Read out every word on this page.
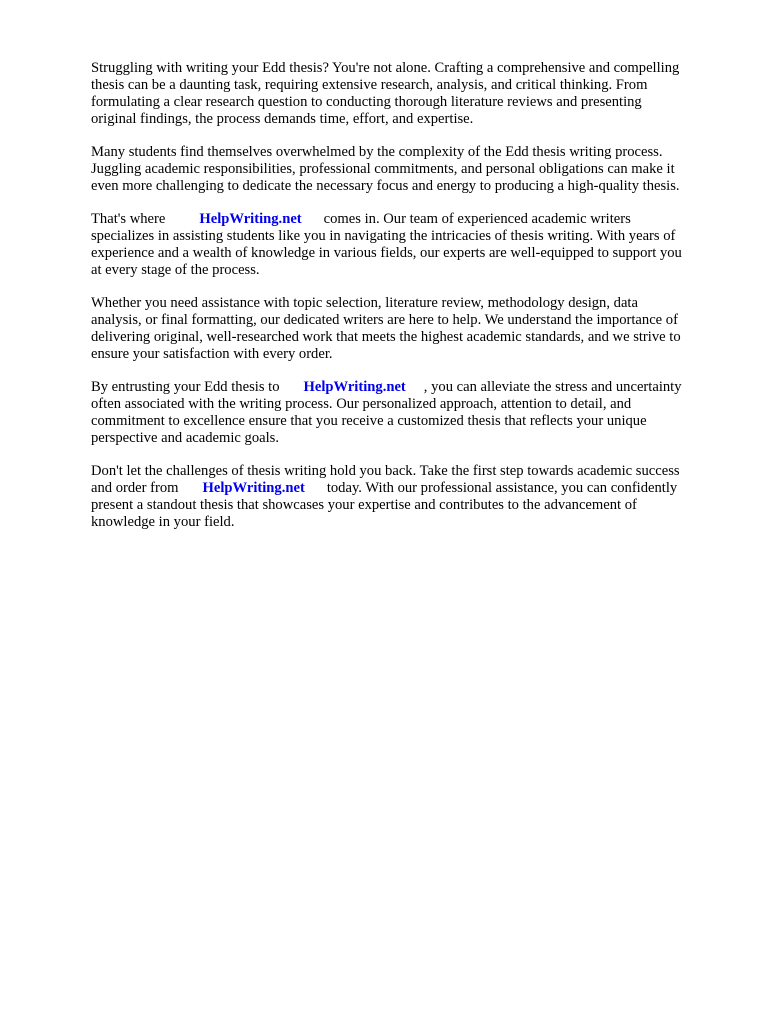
Struggling with writing your Edd thesis? You're not alone. Crafting a comprehensive and compelling
thesis can be a daunting task, requiring extensive research, analysis, and critical thinking. From
formulating a clear research question to conducting thorough literature reviews and presenting
original findings, the process demands time, effort, and expertise.

Many students find themselves overwhelmed by the complexity of the Edd thesis writing process.
Juggling academic responsibilities, professional commitments, and personal obligations can make it
even more challenging to dedicate the necessary focus and energy to producing a high-quality thesis.

That's where HelpWriting.net comes in. Our team of experienced academic writers
specializes in assisting students like you in navigating the intricacies of thesis writing. With years of
experience and a wealth of knowledge in various fields, our experts are well-equipped to support you
at every stage of the process.

Whether you need assistance with topic selection, literature review, methodology design, data
analysis, or final formatting, our dedicated writers are here to help. We understand the importance of
delivering original, well-researched work that meets the highest academic standards, and we strive to
ensure your satisfaction with every order.

By entrusting your Edd thesis to HelpWriting.net , you can alleviate the stress and uncertainty
often associated with the writing process. Our personalized approach, attention to detail, and
commitment to excellence ensure that you receive a customized thesis that reflects your unique
perspective and academic goals.

Don't let the challenges of thesis writing hold you back. Take the first step towards academic success
and order from HelpWriting.net today. With our professional assistance, you can confidently
present a standout thesis that showcases your expertise and contributes to the advancement of
knowledge in your field.
